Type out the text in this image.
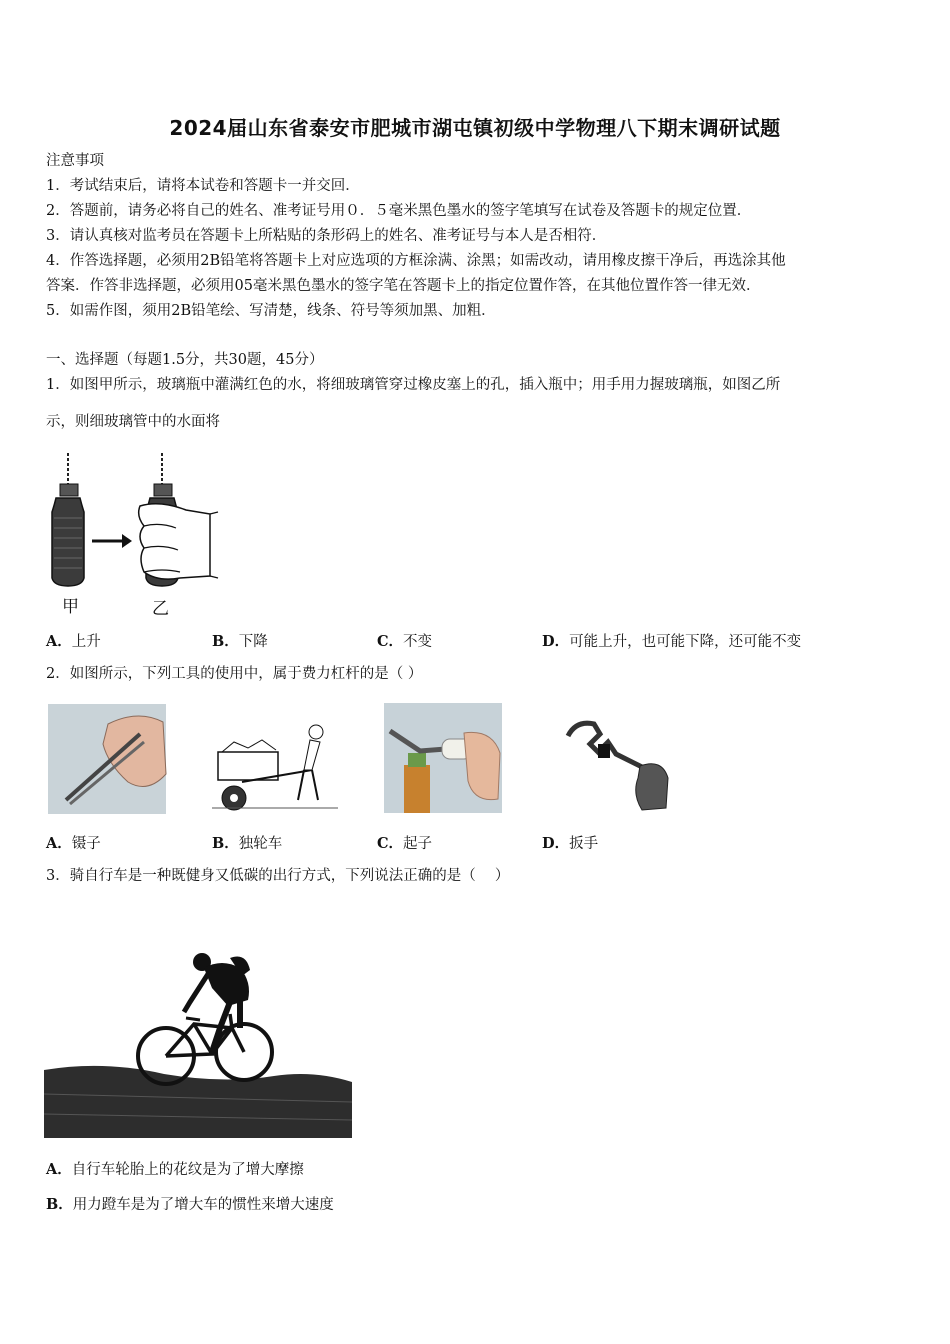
2024届山东省泰安市肥城市湖屯镇初级中学物理八下期末调研试题
注意事项
1．考试结束后，请将本试卷和答题卡一并交回．
2．答题前，请务必将自己的姓名、准考证号用０．５毫米黑色墨水的签字笔填写在试卷及答题卡的规定位置．
3．请认真核对监考员在答题卡上所粘贴的条形码上的姓名、准考证号与本人是否相符．
4．作答选择题，必须用2B铅笔将答题卡上对应选项的方框涂满、涂黑；如需改动，请用橡皮擦干净后，再选涂其他
答案．作答非选择题，必须用05毫米黑色墨水的签字笔在答题卡上的指定位置作答，在其他位置作答一律无效．
5．如需作图，须用2B铅笔绘、写清楚，线条、符号等须加黑、加粗．
一、选择题（每题1.5分，共30题，45分）
1．如图甲所示，玻璃瓶中灌满红色的水，将细玻璃管穿过橡皮塞上的孔，插入瓶中；用手用力握玻璃瓶，如图乙所
示，则细玻璃管中的水面将
甲	乙
A．上升	B．下降	C．不变	D．可能上升，也可能下降，还可能不变
2．如图所示，下列工具的使用中，属于费力杠杆的是（ ）
A．镊子	B．独轮车	C．起子	D．扳手
3．骑自行车是一种既健身又低碳的出行方式，下列说法正确的是（　 ）
A．自行车轮胎上的花纹是为了增大摩擦
B．用力蹬车是为了增大车的惯性来增大速度
